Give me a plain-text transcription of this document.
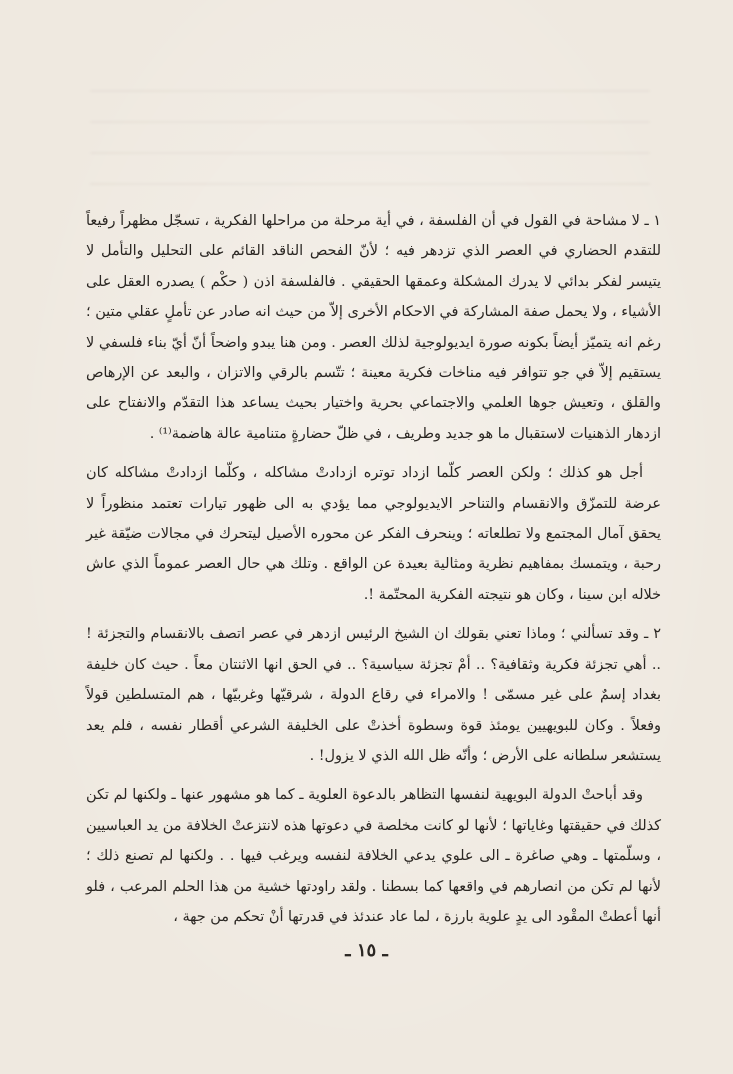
١ ـ لا مشاحة في القول في أن الفلسفة ، في أية مرحلة من مراحلها الفكرية ، تسجّل مظهراً رفيعاً للتقدم الحضاري في العصر الذي تزدهر فيه ؛ لأنّ الفحص الناقد القائم على التحليل والتأمل لا يتيسر لفكر بدائي لا يدرك المشكلة وعمقها الحقيقي . فالفلسفة اذن ( حكْم ) يصدره العقل على الأشياء ، ولا يحمل صفة المشاركة في الاحكام الأخرى إلاّ من حيث انه صادر عن تأملٍ عقلي متين ؛ رغم انه يتميّز أيضاً بكونه صورة ايديولوجية لذلك العصر . ومن هنا يبدو واضحاً أنّ أيّ بناء فلسفي لا يستقيم إلاّ في جو تتوافر فيه مناخات فكرية معينة ؛ تتّسم بالرقي والاتزان ، والبعد عن الإرهاص والقلق ، وتعيش جوها العلمي والاجتماعي بحرية واختيار بحيث يساعد هذا التقدّم والانفتاح على ازدهار الذهنيات لاستقبال ما هو جديد وطريف ، في ظلّ حضارةٍ متنامية عالة هاضمة⁽¹⁾ .

أجل هو كذلك ؛ ولكن العصر كلّما ازداد توتره ازدادتْ مشاكله ، وكلّما ازدادتْ مشاكله كان عرضة للتمزّق والانقسام والتناحر الايديولوجي مما يؤدي به الى ظهور تيارات تعتمد منظوراً لا يحقق آمال المجتمع ولا تطلعاته ؛ وينحرف الفكر عن محوره الأصيل ليتحرك في مجالات ضيّقة غير رحبة ، ويتمسك بمفاهيم نظرية ومثالية بعيدة عن الواقع . وتلك هي حال العصر عموماً الذي عاش خلاله ابن سينا ، وكان هو نتيجته الفكرية المحتّمة !.

٢ ـ وقد تسألني ؛ وماذا تعني بقولك ان الشيخ الرئيس ازدهر في عصر اتصف بالانقسام والتجزئة ! .. أهي تجزئة فكرية وثقافية؟ .. أمْ تجزئة سياسية؟ .. في الحق انها الاثنتان معاً . حيث كان خليفة بغداد إسمٌ على غير مسمّى ! والامراء في رقاع الدولة ، شرقيّها وغربيّها ، هم المتسلطين قولاً وفعلاً . وكان للبويهيين يومئذ قوة وسطوة أخذتْ على الخليفة الشرعي أقطار نفسه ، فلم يعد يستشعر سلطانه على الأرض ؛ وأنّه ظل الله الذي لا يزول! .

وقد أباحتْ الدولة البويهية لنفسها التظاهر بالدعوة العلوية ـ كما هو مشهور عنها ـ ولكنها لم تكن كذلك في حقيقتها وغاياتها ؛ لأنها لو كانت مخلصة في دعوتها هذه لانتزعتْ الخلافة من يد العباسيين ، وسلّمتها ـ وهي صاغرة ـ الى علوي يدعي الخلافة لنفسه ويرغب فيها . . ولكنها لم تصنع ذلك ؛ لأنها لم تكن من انصارهم في واقعها كما بسطنا . ولقد راودتها خشية من هذا الحلم المرعب ، فلو أنها أعطتْ المقْود الى يدٍ علوية بارزة ، لما عاد عندئذ في قدرتها أنْ تحكم من جهة ،

ـ ١٥ ـ
